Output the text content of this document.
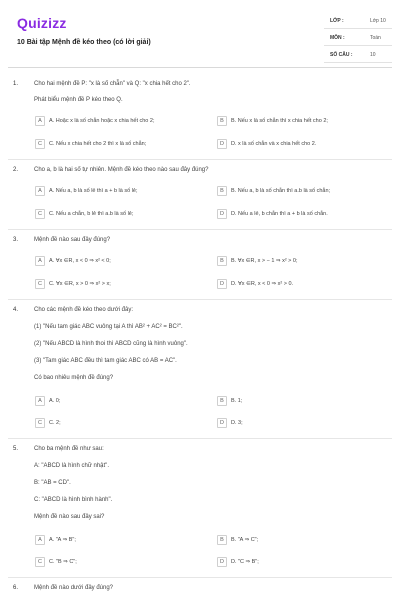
Quizizz
10 Bài tập Mệnh đề kéo theo (có lời giải)
LỚP :	Lớp 10
MÔN :	Toán
SỐ CÂU :	10
1.	Cho hai mệnh đề P: "x là số chẵn" và Q: "x chia hết cho 2".
Phát biểu mệnh đề P kéo theo Q.
A	A. Hoặc x là số chẵn hoặc x chia hết cho 2;	B	B. Nếu x là số chẵn thì x chia hết cho 2;
C	C. Nếu x chia hết cho 2 thì x là số chẵn;	D	D. x là số chẵn và x chia hết cho 2.
2.	Cho a, b là hai số tự nhiên. Mệnh đề kéo theo nào sau đây đúng?
A	A. Nếu a, b là số lẻ thì a + b là số lẻ;	B	B. Nếu a, b là số chẵn thì a.b là số chẵn;
C	C. Nếu a chẵn, b lẻ thì a.b là số lẻ;	D	D. Nếu a lẻ, b chẵn thì a + b là số chẵn.
3.	Mệnh đề nào sau đây đúng?
A	A. ∀x ∈R, x < 0 ⇒ x² < 0;	B	B. ∀x ∈R, x > − 1 ⇒ x² > 0;
C	C. ∀x ∈R, x > 0 ⇒ x² > x;	D	D. ∀x ∈R, x < 0 ⇒ x² > 0.
4.	Cho các mệnh đề kéo theo dưới đây:
(1) "Nếu tam giác ABC vuông tại A thì AB² + AC² = BC²".
(2) "Nếu ABCD là hình thoi thì ABCD cũng là hình vuông".
(3) "Tam giác ABC đều thì tam giác ABC có AB = AC".
Có bao nhiêu mệnh đề đúng?
A	A. 0;	B	B. 1;
C	C. 2;	D	D. 3;
5.	Cho ba mệnh đề như sau:
A: "ABCD là hình chữ nhật".
B: "AB = CD".
C: "ABCD là hình bình hành".
Mệnh đề nào sau đây sai?
A	A. "A ⇒ B";	B	B. "A ⇒ C";
C	C. "B ⇒ C";	D	D. "C ⇒ B";
6.	Mệnh đề nào dưới đây đúng?
